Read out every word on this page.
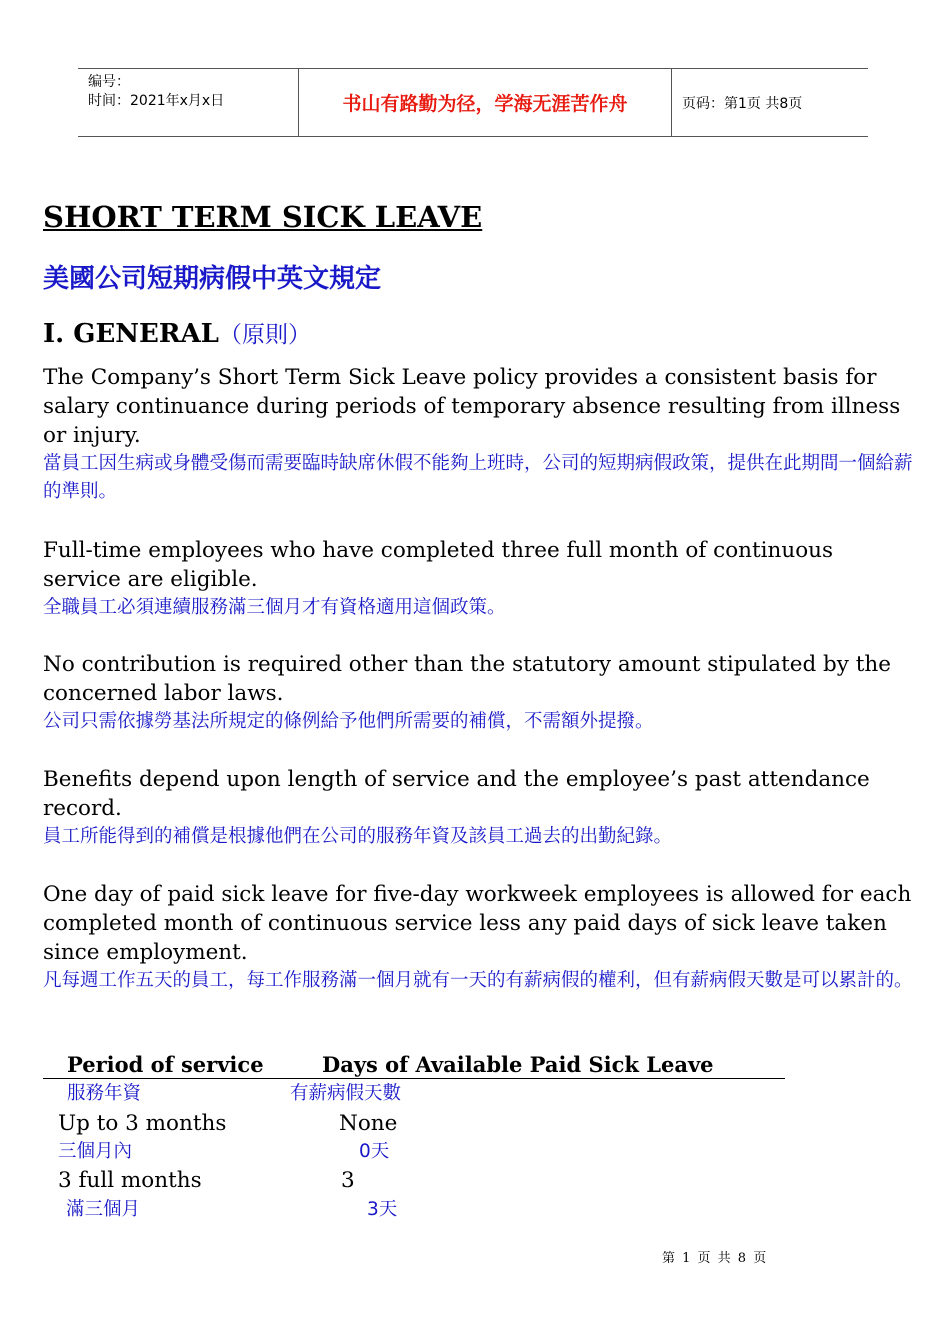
编号：
时间：2021年x月x日	书山有路勤为径，学海无涯苦作舟	页码：第1页 共8页
SHORT TERM SICK LEAVE
美國公司短期病假中英文規定
I. GENERAL（原則）
The Company’s Short Term Sick Leave policy provides a consistent basis for salary continuance during periods of temporary absence resulting from illness or injury.
當員工因生病或身體受傷而需要臨時缺席休假不能夠上班時，公司的短期病假政策，提供在此期間一個給薪的準則。
Full-time employees who have completed three full month of continuous service are eligible.
全職員工必須連續服務滿三個月才有資格適用這個政策。
No contribution is required other than the statutory amount stipulated by the concerned labor laws.
公司只需依據勞基法所規定的條例給予他們所需要的補償，不需額外提撥。
Benefits depend upon length of service and the employee’s past attendance record.
員工所能得到的補償是根據他們在公司的服務年資及該員工過去的出勤紀錄。
One day of paid sick leave for five-day workweek employees is allowed for each completed month of continuous service less any paid days of sick leave taken since employment.
凡每週工作五天的員工，每工作服務滿一個月就有一天的有薪病假的權利，但有薪病假天數是可以累計的。
Period of service	Days of Available Paid Sick Leave
服務年資	有薪病假天數
Up to 3 months	None
三個月內	0天
3 full months	3
滿三個月	3天
第 1 页 共 8 页
